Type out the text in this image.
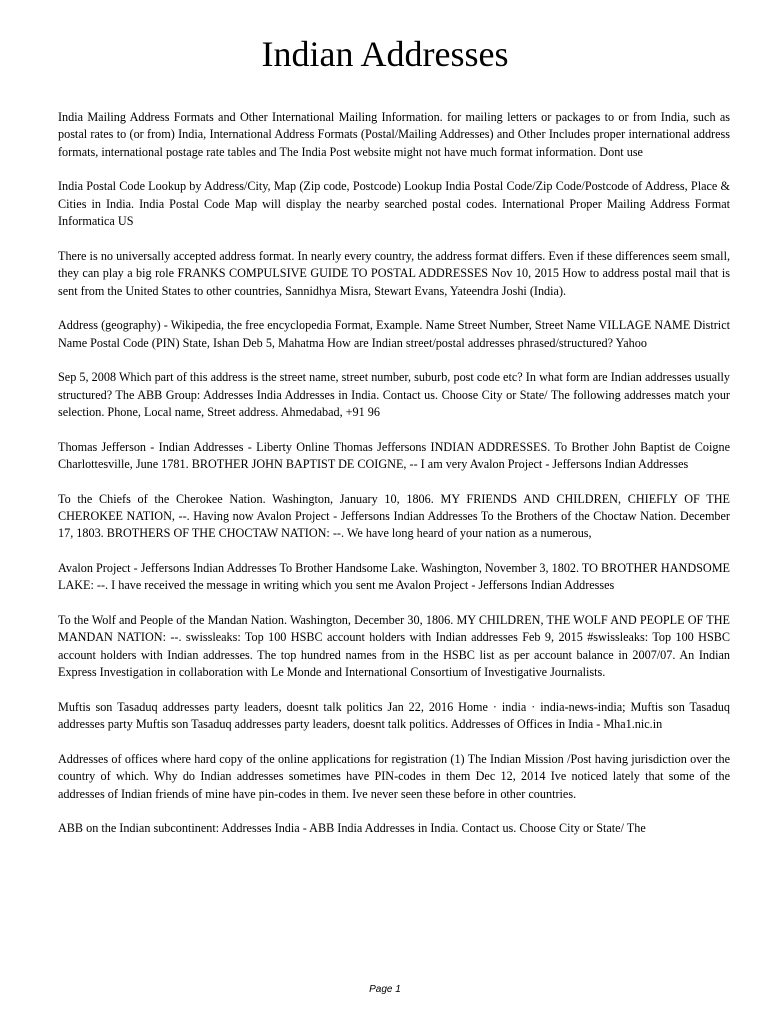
Indian Addresses

India Mailing Address Formats and Other International Mailing Information. for mailing letters or packages to or from India, such as postal rates to (or from) India, International Address Formats (Postal/Mailing Addresses) and Other Includes proper international address formats, international postage rate tables and The India Post website might not have much format information. Dont use

India Postal Code Lookup by Address/City, Map (Zip code, Postcode) Lookup India Postal Code/Zip Code/Postcode of Address, Place & Cities in India. India Postal Code Map will display the nearby searched postal codes. International Proper Mailing Address Format Informatica US

There is no universally accepted address format. In nearly every country, the address format differs. Even if these differences seem small, they can play a big role FRANKS COMPULSIVE GUIDE TO POSTAL ADDRESSES Nov 10, 2015 How to address postal mail that is sent from the United States to other countries, Sannidhya Misra, Stewart Evans, Yateendra Joshi (India).

Address (geography) - Wikipedia, the free encyclopedia Format, Example. Name Street Number, Street Name VILLAGE NAME District Name Postal Code (PIN) State, Ishan Deb 5, Mahatma How are Indian street/postal addresses phrased/structured? Yahoo

Sep 5, 2008 Which part of this address is the street name, street number, suburb, post code etc? In what form are Indian addresses usually structured? The ABB Group: Addresses India Addresses in India. Contact us. Choose City or State/ The following addresses match your selection. Phone, Local name, Street address. Ahmedabad, +91 96

Thomas Jefferson - Indian Addresses - Liberty Online Thomas Jeffersons INDIAN ADDRESSES. To Brother John Baptist de Coigne Charlottesville, June 1781. BROTHER JOHN BAPTIST DE COIGNE, -- I am very Avalon Project - Jeffersons Indian Addresses

To the Chiefs of the Cherokee Nation. Washington, January 10, 1806. MY FRIENDS AND CHILDREN, CHIEFLY OF THE CHEROKEE NATION, --. Having now Avalon Project - Jeffersons Indian Addresses To the Brothers of the Choctaw Nation. December 17, 1803. BROTHERS OF THE CHOCTAW NATION: --. We have long heard of your nation as a numerous,

Avalon Project - Jeffersons Indian Addresses To Brother Handsome Lake. Washington, November 3, 1802. TO BROTHER HANDSOME LAKE: --. I have received the message in writing which you sent me Avalon Project - Jeffersons Indian Addresses

To the Wolf and People of the Mandan Nation. Washington, December 30, 1806. MY CHILDREN, THE WOLF AND PEOPLE OF THE MANDAN NATION: --. swissleaks: Top 100 HSBC account holders with Indian addresses Feb 9, 2015 #swissleaks: Top 100 HSBC account holders with Indian addresses. The top hundred names from in the HSBC list as per account balance in 2007/07. An Indian Express Investigation in collaboration with Le Monde and International Consortium of Investigative Journalists.

Muftis son Tasaduq addresses party leaders, doesnt talk politics Jan 22, 2016 Home · india · india-news-india; Muftis son Tasaduq addresses party Muftis son Tasaduq addresses party leaders, doesnt talk politics. Addresses of Offices in India - Mha1.nic.in

Addresses of offices where hard copy of the online applications for registration (1) The Indian Mission /Post having jurisdiction over the country of which. Why do Indian addresses sometimes have PIN-codes in them Dec 12, 2014 Ive noticed lately that some of the addresses of Indian friends of mine have pin-codes in them. Ive never seen these before in other countries.

ABB on the Indian subcontinent: Addresses India - ABB India Addresses in India. Contact us. Choose City or State/ The

Page 1
